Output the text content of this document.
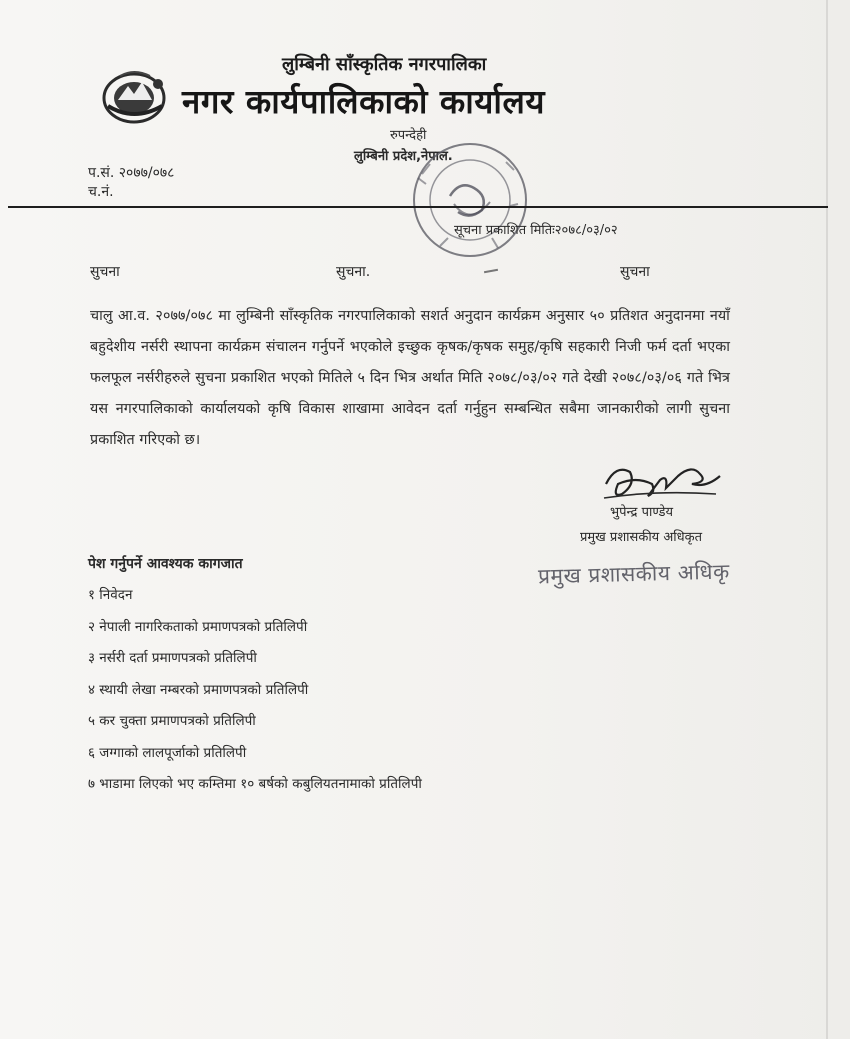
लुम्बिनी साँस्कृतिक नगरपालिका
नगर कार्यपालिकाको कार्यालय
रुपन्देही
लुम्बिनी प्रदेश,नेपाल.
प.सं. २०७७/०७८
च.नं.
सूचना प्रकाशित मितिः२०७८/०३/०२
सुचना	सुचना.	सुचना
चालु आ.व. २०७७/०७८ मा लुम्बिनी साँस्कृतिक नगरपालिकाको सशर्त अनुदान कार्यक्रम अनुसार ५० प्रतिशत अनुदानमा नयाँ बहुदेशीय नर्सरी स्थापना कार्यक्रम संचालन गर्नुपर्ने भएकोले इच्छुक कृषक/कृषक समुह/कृषि सहकारी निजी फर्म दर्ता भएका फलफूल नर्सरीहरुले सुचना प्रकाशित भएको मितिले ५ दिन भित्र अर्थात मिति २०७८/०३/०२ गते देखी २०७८/०३/०६ गते भित्र यस नगरपालिकाको कार्यालयको कृषि विकास शाखामा आवेदन दर्ता गर्नुहुन सम्बन्धित सबैमा जानकारीको लागी सुचना प्रकाशित गरिएको छ।
भुपेन्द्र पाण्डेय
प्रमुख प्रशासकीय अधिकृत
प्रमुख प्रशासकीय अधिकृ
पेश गर्नुपर्ने आवश्यक कागजात
१ निवेदन
२ नेपाली नागरिकताको प्रमाणपत्रको प्रतिलिपी
३ नर्सरी दर्ता प्रमाणपत्रको प्रतिलिपी
४ स्थायी लेखा नम्बरको प्रमाणपत्रको प्रतिलिपी
५ कर चुक्ता प्रमाणपत्रको प्रतिलिपी
६ जग्गाको लालपूर्जाको प्रतिलिपी
७ भाडामा लिएको भए कम्तिमा १० बर्षको कबुलियतनामाको प्रतिलिपी
